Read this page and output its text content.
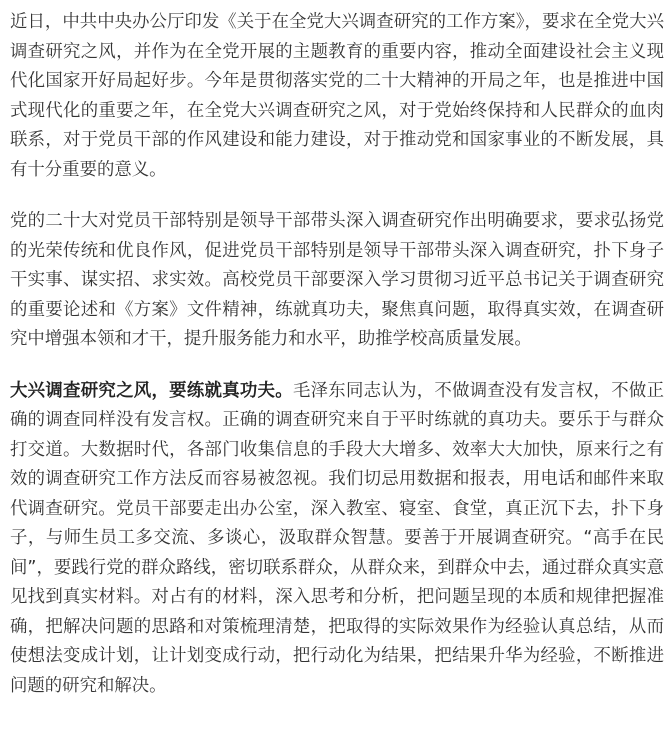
近日，中共中央办公厅印发《关于在全党大兴调查研究的工作方案》，要求在全党大兴调查研究之风，并作为在全党开展的主题教育的重要内容，推动全面建设社会主义现代化国家开好局起好步。今年是贯彻落实党的二十大精神的开局之年，也是推进中国式现代化的重要之年，在全党大兴调查研究之风，对于党始终保持和人民群众的血肉联系，对于党员干部的作风建设和能力建设，对于推动党和国家事业的不断发展，具有十分重要的意义。

党的二十大对党员干部特别是领导干部带头深入调查研究作出明确要求，要求弘扬党的光荣传统和优良作风，促进党员干部特别是领导干部带头深入调查研究，扑下身子干实事、谋实招、求实效。高校党员干部要深入学习贯彻习近平总书记关于调查研究的重要论述和《方案》文件精神，练就真功夫，聚焦真问题，取得真实效，在调查研究中增强本领和才干，提升服务能力和水平，助推学校高质量发展。

大兴调查研究之风，要练就真功夫。毛泽东同志认为，不做调查没有发言权，不做正确的调查同样没有发言权。正确的调查研究来自于平时练就的真功夫。要乐于与群众打交道。大数据时代，各部门收集信息的手段大大增多、效率大大加快，原来行之有效的调查研究工作方法反而容易被忽视。我们切忌用数据和报表，用电话和邮件来取代调查研究。党员干部要走出办公室，深入教室、寝室、食堂，真正沉下去，扑下身子，与师生员工多交流、多谈心，汲取群众智慧。要善于开展调查研究。“高手在民间”，要践行党的群众路线，密切联系群众，从群众来，到群众中去，通过群众真实意见找到真实材料。对占有的材料，深入思考和分析，把问题呈现的本质和规律把握准确，把解决问题的思路和对策梳理清楚，把取得的实际效果作为经验认真总结，从而使想法变成计划，让计划变成行动，把行动化为结果，把结果升华为经验，不断推进问题的研究和解决。
